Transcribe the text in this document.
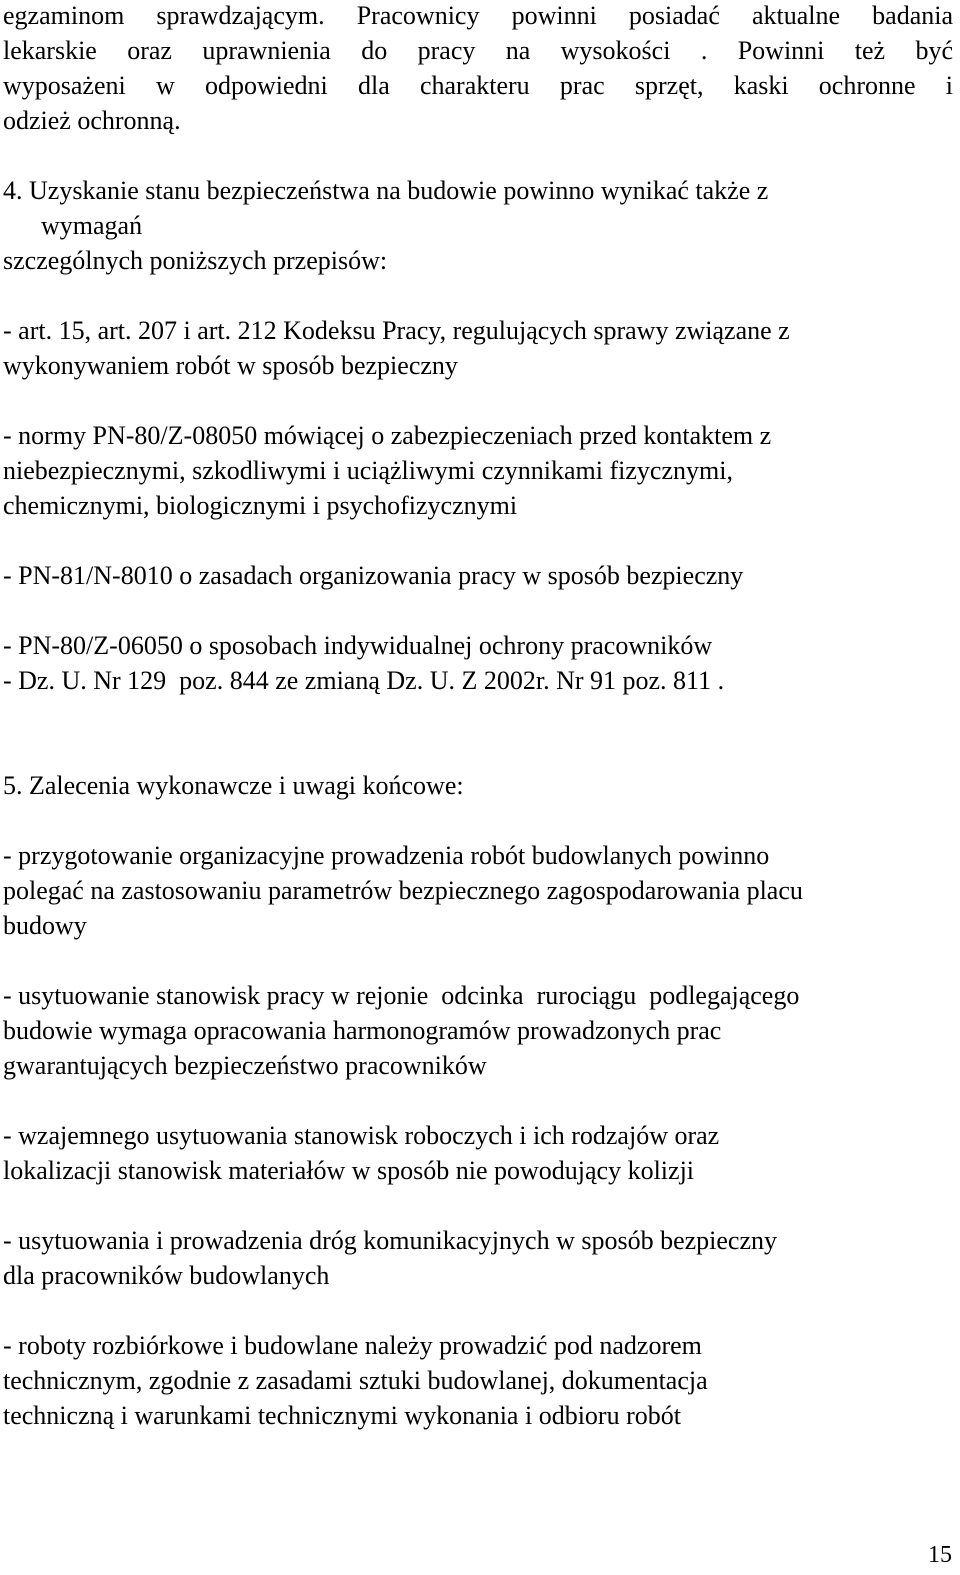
egzaminom sprawdzającym. Pracownicy powinni posiadać aktualne badania
lekarskie oraz uprawnienia do pracy na wysokości . Powinni też być
wyposażeni w odpowiedni dla charakteru prac sprzęt, kaski ochronne i
odzież ochronną.
4. Uzyskanie stanu bezpieczeństwa na budowie powinno wynikać także z
wymagań
szczególnych poniższych przepisów:
- art. 15, art. 207 i art. 212 Kodeksu Pracy, regulujących sprawy związane z
wykonywaniem robót w sposób bezpieczny
- normy PN-80/Z-08050 mówiącej o zabezpieczeniach przed kontaktem z
niebezpiecznymi, szkodliwymi i uciążliwymi czynnikami fizycznymi,
chemicznymi, biologicznymi i psychofizycznymi
- PN-81/N-8010 o zasadach organizowania pracy w sposób bezpieczny
- PN-80/Z-06050 o sposobach indywidualnej ochrony pracowników
- Dz. U. Nr 129  poz. 844 ze zmianą Dz. U. Z 2002r. Nr 91 poz. 811 .
5. Zalecenia wykonawcze i uwagi końcowe:
- przygotowanie organizacyjne prowadzenia robót budowlanych powinno
polegać na zastosowaniu parametrów bezpiecznego zagospodarowania placu
budowy
- usytuowanie stanowisk pracy w rejonie  odcinka  rurociągu  podlegającego
budowie wymaga opracowania harmonogramów prowadzonych prac
gwarantujących bezpieczeństwo pracowników
- wzajemnego usytuowania stanowisk roboczych i ich rodzajów oraz
lokalizacji stanowisk materiałów w sposób nie powodujący kolizji
- usytuowania i prowadzenia dróg komunikacyjnych w sposób bezpieczny
dla pracowników budowlanych
- roboty rozbiórkowe i budowlane należy prowadzić pod nadzorem
technicznym, zgodnie z zasadami sztuki budowlanej, dokumentacja
techniczną i warunkami technicznymi wykonania i odbioru robót
15
